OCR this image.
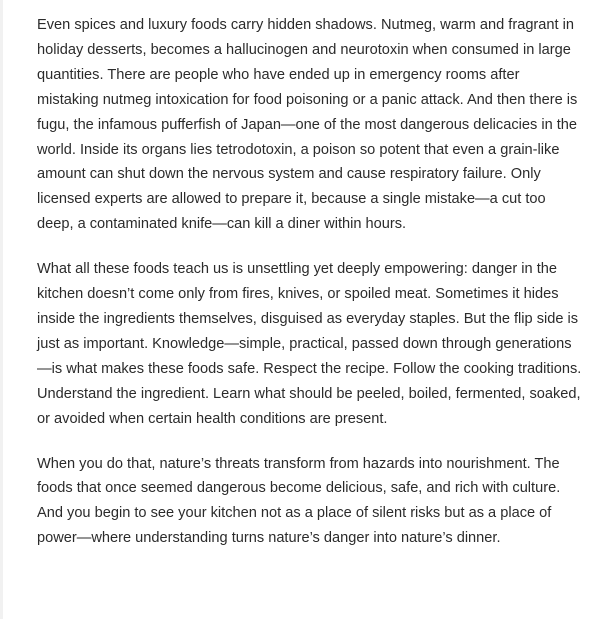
Even spices and luxury foods carry hidden shadows. Nutmeg, warm and fragrant in holiday desserts, becomes a hallucinogen and neurotoxin when consumed in large quantities. There are people who have ended up in emergency rooms after mistaking nutmeg intoxication for food poisoning or a panic attack. And then there is fugu, the infamous pufferfish of Japan—one of the most dangerous delicacies in the world. Inside its organs lies tetrodotoxin, a poison so potent that even a grain-like amount can shut down the nervous system and cause respiratory failure. Only licensed experts are allowed to prepare it, because a single mistake—a cut too deep, a contaminated knife—can kill a diner within hours.

What all these foods teach us is unsettling yet deeply empowering: danger in the kitchen doesn’t come only from fires, knives, or spoiled meat. Sometimes it hides inside the ingredients themselves, disguised as everyday staples. But the flip side is just as important. Knowledge—simple, practical, passed down through generations—is what makes these foods safe. Respect the recipe. Follow the cooking traditions. Understand the ingredient. Learn what should be peeled, boiled, fermented, soaked, or avoided when certain health conditions are present.

When you do that, nature’s threats transform from hazards into nourishment. The foods that once seemed dangerous become delicious, safe, and rich with culture. And you begin to see your kitchen not as a place of silent risks but as a place of power—where understanding turns nature’s danger into nature’s dinner.
